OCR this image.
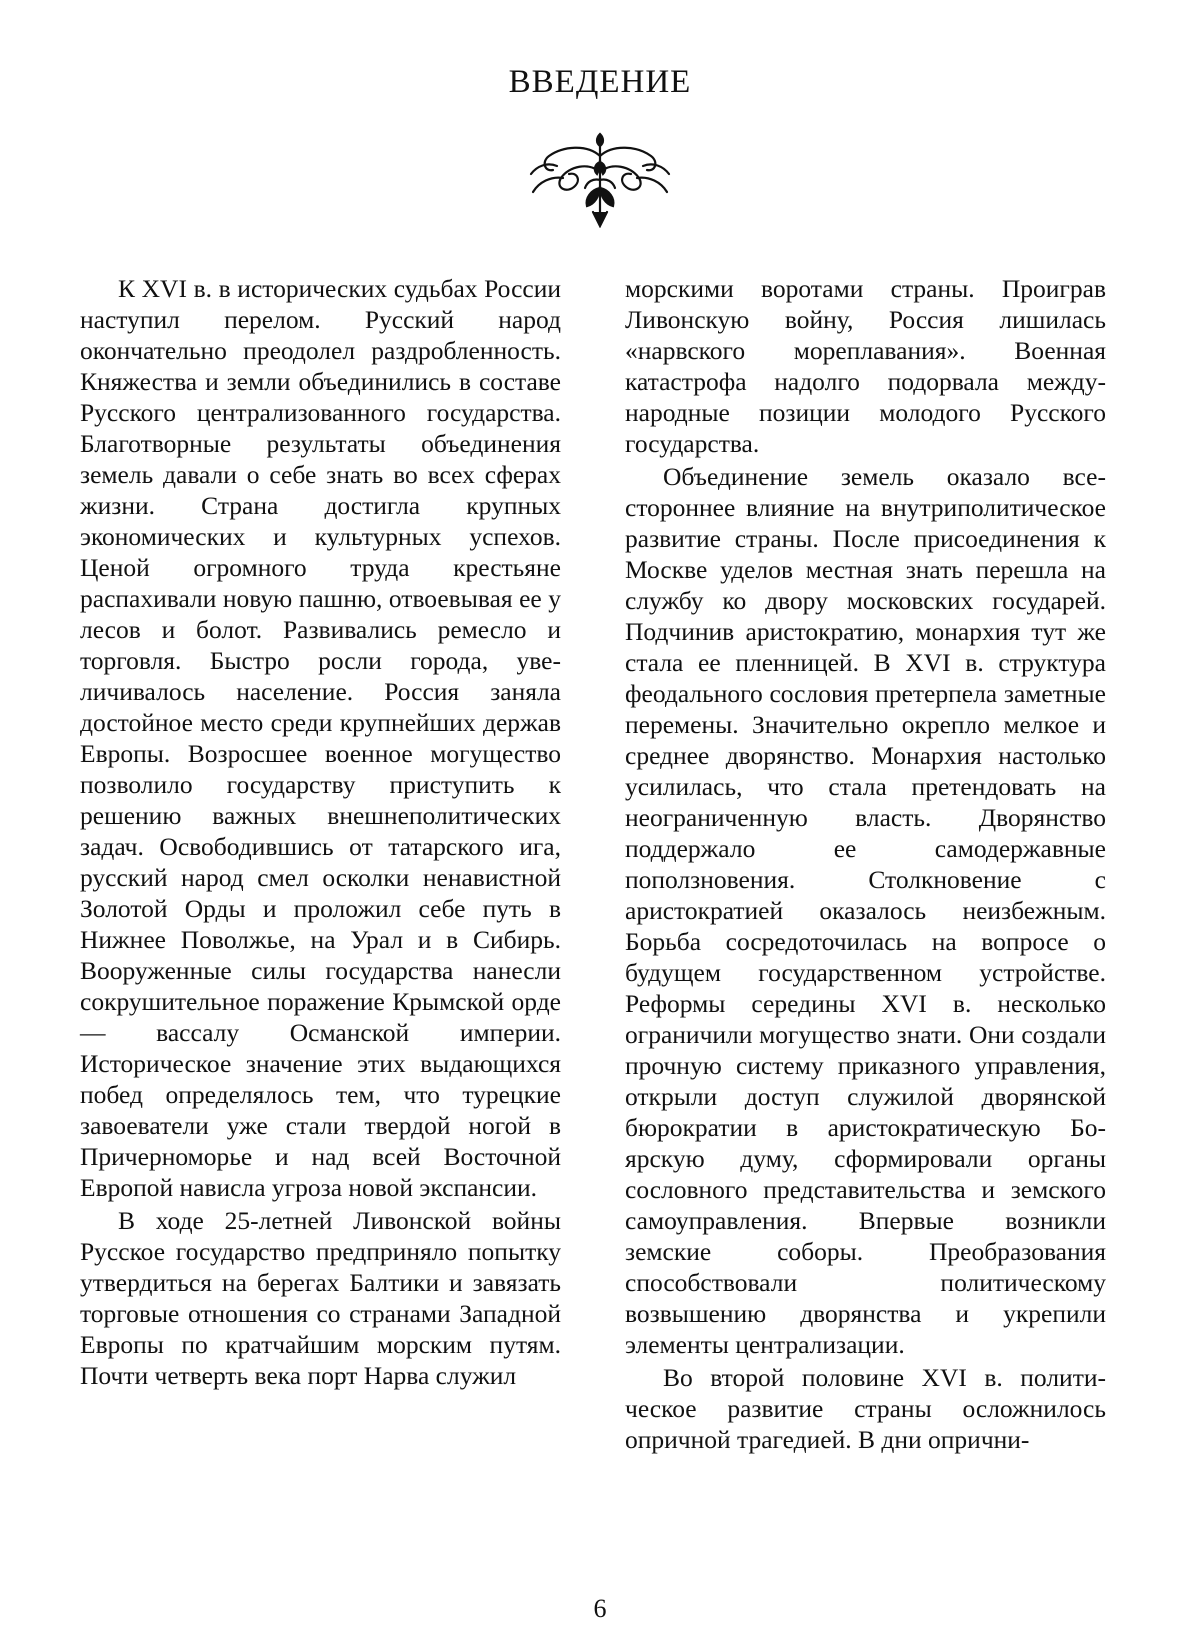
ВВЕДЕНИЕ

К XVI в. в исторических судьбах России наступил перелом. Русский народ окончательно преодолел раздробленность. Княжества и земли объединились в составе Русского централизованного государства. Благотворные результаты объединения земель давали о себе знать во всех сферах жизни. Страна достигла крупных экономических и культурных успехов. Ценой огромного труда крестьяне распахивали новую пашню, отвоевывая ее у лесов и болот. Развивались ремесло и торговля. Быстро росли города, увеличивалось население. Россия заняла достойное место среди крупнейших держав Европы. Возросшее военное могущество позволило государству приступить к решению важных внешнеполитических задач. Освободившись от татарского ига, русский народ смел осколки ненавистной Золотой Орды и проложил себе путь в Нижнее Поволжье, на Урал и в Сибирь. Вооруженные силы государства нанесли сокрушительное поражение Крымской орде — вассалу Османской империи. Историческое значение этих выдающихся побед определялось тем, что турецкие завоеватели уже стали твердой ногой в Причерноморье и над всей Восточной Европой нависла угроза новой экспансии.

В ходе 25-летней Ливонской войны Русское государство предприняло попытку утвердиться на берегах Балтики и завязать торговые отношения со странами Западной Европы по кратчайшим морским путям. Почти четверть века порт Нарва служил

морскими воротами страны. Проиграв Ливонскую войну, Россия лишилась «нарвского мореплавания». Военная катастрофа надолго подорвала международные позиции молодого Русского государства.

Объединение земель оказало всестороннее влияние на внутриполитическое развитие страны. После присоединения к Москве уделов местная знать перешла на службу ко двору московских государей. Подчинив аристократию, монархия тут же стала ее пленницей. В XVI в. структура феодального сословия претерпела заметные перемены. Значительно окрепло мелкое и среднее дворянство. Монархия настолько усилилась, что стала претендовать на неограниченную власть. Дворянство поддержало ее самодержавные поползновения. Столкновение с аристократией оказалось неизбежным. Борьба сосредоточилась на вопросе о будущем государственном устройстве. Реформы середины XVI в. несколько ограничили могущество знати. Они создали прочную систему приказного управления, открыли доступ служилой дворянской бюрократии в аристократическую Боярскую думу, сформировали органы сословного представительства и земского самоуправления. Впервые возникли земские соборы. Преобразования способствовали политическому возвышению дворянства и укрепили элементы централизации.

Во второй половине XVI в. политическое развитие страны осложнилось опричной трагедией. В дни опрични-

6
